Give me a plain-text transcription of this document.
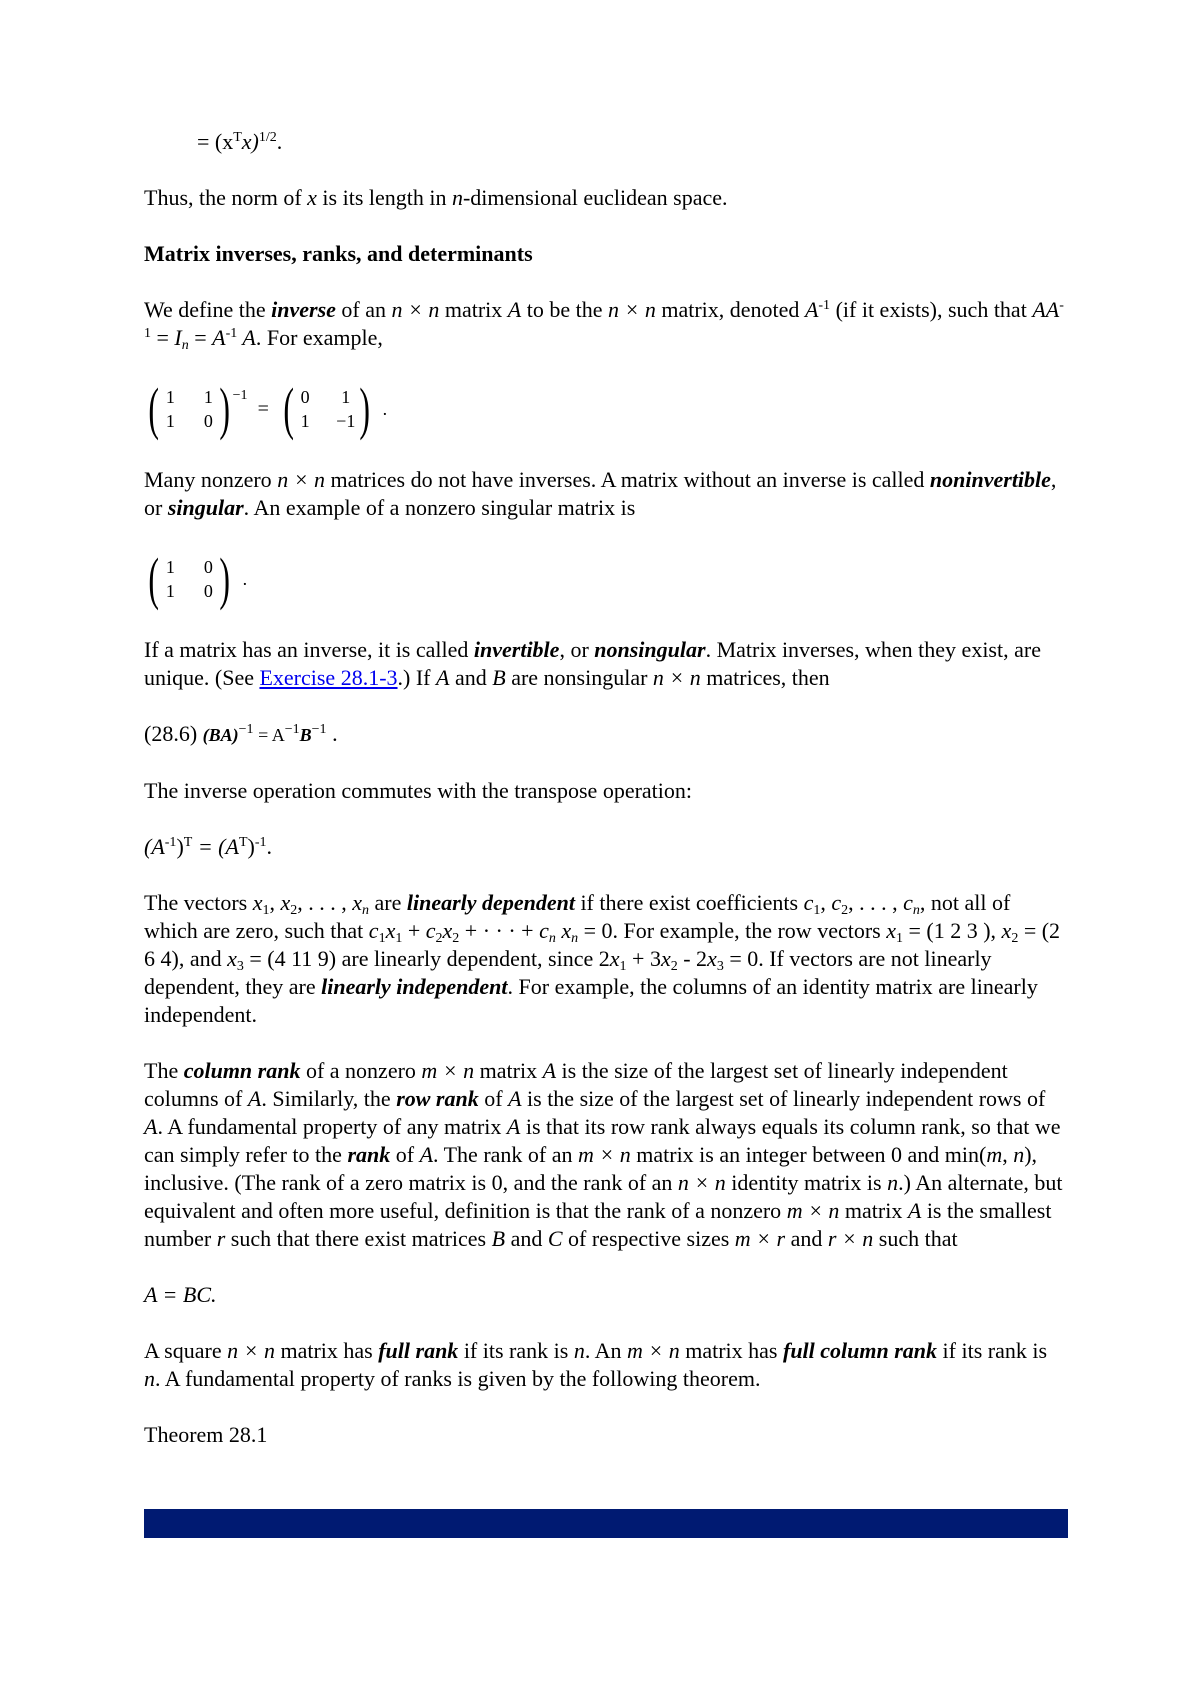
= $(x^Tx)^{1/2}$.

Thus, the norm of x is its length in n-dimensional euclidean space.

Matrix inverses, ranks, and determinants

We define the inverse of an n × n matrix A to be the n × n matrix, denoted $A^{-1}$ (if it exists), such that $AA^{-1} = I_n = A^{-1}$ A. For example,

( 1 1
1 0 ) −1
= ( 0 1
1 −1 ) .

Many nonzero n × n matrices do not have inverses. A matrix without an inverse is called noninvertible, or singular. An example of a nonzero singular matrix is

( 1 0
1 0 ) .

If a matrix has an inverse, it is called invertible, or nonsingular. Matrix inverses, when they exist, are unique. (See Exercise 28.1-3.) If A and B are nonsingular n × n matrices, then

(28.6) $(BA)^{-1} = A^{-1}B^{-1}$ .

The inverse operation commutes with the transpose operation:

$(A^{-1})^T = (A^T)^{-1}$.

The vectors $x_1$, $x_2$, . . . , $x_n$ are linearly dependent if there exist coefficients $c_1$, $c_2$, . . . , $c_n$, not all of which are zero, such that $c_1x_1 + c_2x_2$ + · · · + $c_n$ $x_n = 0$. For example, the row vectors $x_1 = (1$ 2 3 ), $x_2 = (2$ 6 4), and $x_3 = (4$ 11 9) are linearly dependent, since $2x_1 + 3x_2 - 2x_3 = 0$. If vectors are not linearly dependent, they are linearly independent. For example, the columns of an identity matrix are linearly independent.

The column rank of a nonzero m × n matrix A is the size of the largest set of linearly independent columns of A. Similarly, the row rank of A is the size of the largest set of linearly independent rows of A. A fundamental property of any matrix A is that its row rank always equals its column rank, so that we can simply refer to the rank of A. The rank of an m × n matrix is an integer between 0 and min(m, n), inclusive. (The rank of a zero matrix is 0, and the rank of an n × n identity matrix is n.) An alternate, but equivalent and often more useful, definition is that the rank of a nonzero m × n matrix A is the smallest number r such that there exist matrices B and C of respective sizes m × r and r × n such that

A = BC.

A square n × n matrix has full rank if its rank is n. An m × n matrix has full column rank if its rank is n. A fundamental property of ranks is given by the following theorem.

Theorem 28.1
